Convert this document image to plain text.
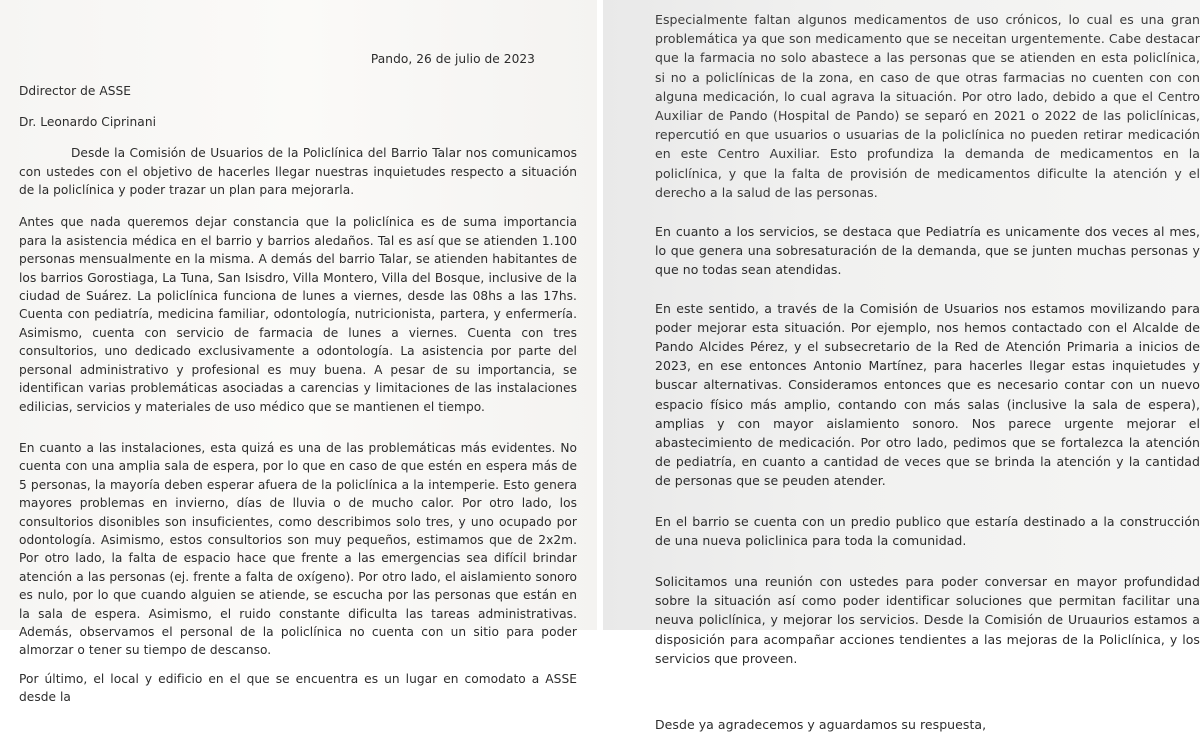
Pando, 26 de julio de 2023

Ddirector de ASSE

Dr. Leonardo Ciprinani

Desde la Comisión de Usuarios de la Policlínica del Barrio Talar nos comunicamos con ustedes con el objetivo de hacerles llegar nuestras inquietudes respecto a situación de la policlínica y poder trazar un plan para mejorarla.

Antes que nada queremos dejar constancia que la policlínica es de suma importancia para la asistencia médica en el barrio y barrios aledaños. Tal es así que se atienden 1.100 personas mensualmente en la misma. A demás del barrio Talar, se atienden habitantes de los barrios Gorostiaga, La Tuna, San Isisdro, Villa Montero, Villa del Bosque, inclusive de la ciudad de Suárez. La policlínica funciona de lunes a viernes, desde las 08hs a las 17hs. Cuenta con pediatría, medicina familiar, odontología, nutricionista, partera, y enfermería. Asimismo, cuenta con servicio de farmacia de lunes a viernes. Cuenta con tres consultorios, uno dedicado exclusivamente a odontología. La asistencia por parte del personal administrativo y profesional es muy buena. A pesar de su importancia, se identifican varias problemáticas asociadas a carencias y limitaciones de las instalaciones edilicias, servicios y materiales de uso médico que se mantienen el tiempo.

En cuanto a las instalaciones, esta quizá es una de las problemáticas más evidentes. No cuenta con una amplia sala de espera, por lo que en caso de que estén en espera más de 5 personas, la mayoría deben esperar afuera de la policlínica a la intemperie. Esto genera mayores problemas en invierno, días de lluvia o de mucho calor. Por otro lado, los consultorios disonibles son insuficientes, como describimos solo tres, y uno ocupado por odontología. Asimismo, estos consultorios son muy pequeños, estimamos que de 2x2m. Por otro lado, la falta de espacio hace que frente a las emergencias sea difícil brindar atención a las personas (ej. frente a falta de oxígeno). Por otro lado, el aislamiento sonoro es nulo, por lo que cuando alguien se atiende, se escucha por las personas que están en la sala de espera. Asimismo, el ruido constante dificulta las tareas administrativas. Además, observamos el personal de la policlínica no cuenta con un sitio para poder almorzar o tener su tiempo de descanso.

Por último, el local y edificio en el que se encuentra es un lugar en comodato a ASSE desde la

Especialmente faltan algunos medicamentos de uso crónicos, lo cual es una gran problemática ya que son medicamento que se neceitan urgentemente. Cabe destacar que la farmacia no solo abastece a las personas que se atienden en esta policlínica, si no a policlínicas de la zona, en caso de que otras farmacias no cuenten con con alguna medicación, lo cual agrava la situación. Por otro lado, debido a que el Centro Auxiliar de Pando (Hospital de Pando) se separó en 2021 o 2022 de las policlínicas, repercutió en que usuarios o usuarias de la policlínica no pueden retirar medicación en este Centro Auxiliar. Esto profundiza la demanda de medicamentos en la policlínica, y que la falta de provisión de medicamentos dificulte la atención y el derecho a la salud de las personas.

En cuanto a los servicios, se destaca que Pediatría es unicamente dos veces al mes, lo que genera una sobresaturación de la demanda, que se junten muchas personas y que no todas sean atendidas.

En este sentido, a través de la Comisión de Usuarios nos estamos movilizando para poder mejorar esta situación. Por ejemplo, nos hemos contactado con el Alcalde de Pando Alcides Pérez, y el subsecretario de la Red de Atención Primaria a inicios de 2023, en ese entonces Antonio Martínez, para hacerles llegar estas inquietudes y buscar alternativas. Consideramos entonces que es necesario contar con un nuevo espacio físico más amplio, contando con más salas (inclusive la sala de espera), amplias y con mayor aislamiento sonoro. Nos parece urgente mejorar el abastecimiento de medicación. Por otro lado, pedimos que se fortalezca la atención de pediatría, en cuanto a cantidad de veces que se brinda la atención y la cantidad de personas que se peuden atender.

En el barrio se cuenta con un predio publico que estaría destinado a la construcción de una nueva policlinica para toda la comunidad.

Solicitamos una reunión con ustedes para poder conversar en mayor profundidad sobre la situación así como poder identificar soluciones que permitan facilitar una neuva policlínica, y mejorar los servicios. Desde la Comisión de Uruaurios estamos a disposición para acompañar acciones tendientes a las mejoras de la Policlínica, y los servicios que proveen.

Desde ya agradecemos y aguardamos su respuesta,
